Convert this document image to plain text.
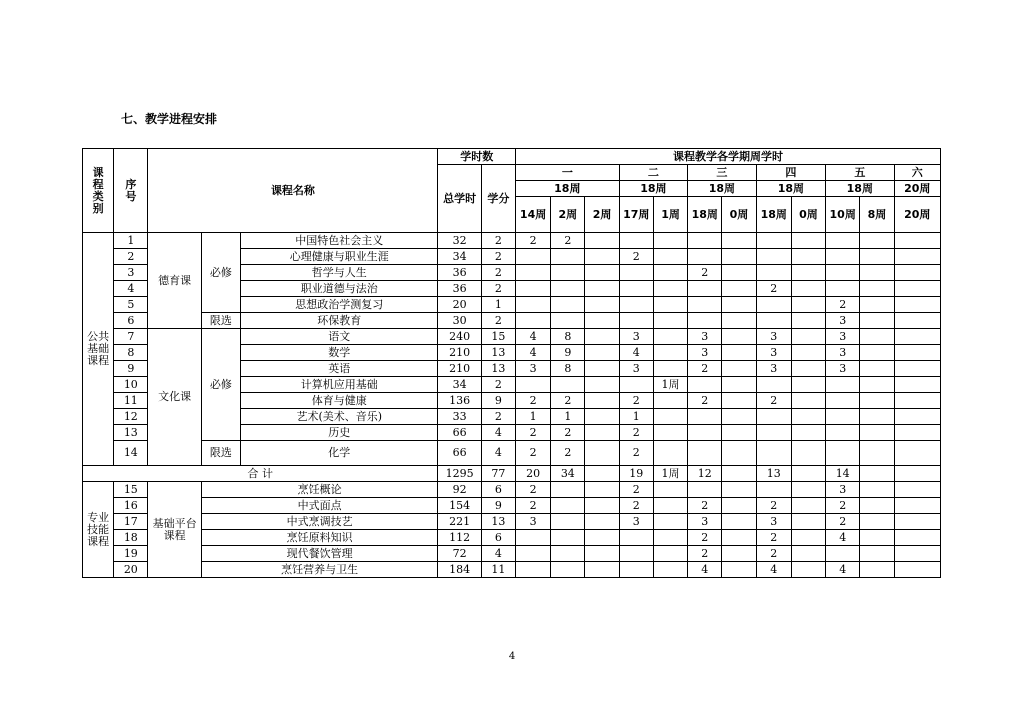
七、教学进程安排
课程类别	序号	课程名称			学时数		课程教学各学期周学时											
					总学时	学分	一			二		三		四		五		六
							18周			18周		18周		18周		18周		20周
							14周	2周	2周	17周	1周	18周	0周	18周	0周	10周	8周	20周
公共基础课程	1	德育课	必修	中国特色社会主义	32	2	2	2										
	2			心理健康与职业生涯	34	2				2								
	3			哲学与人生	36	2						2						
	4			职业道德与法治	36	2								2				
	5			思想政治学测复习	20	1										2		
	6		限选	环保教育	30	2										3		
	7	文化课	必修	语文	240	15	4	8		3		3		3		3		
	8			数学	210	13	4	9		4		3		3		3		
	9			英语	210	13	3	8		3		2		3		3		
	10			计算机应用基础	34	2					1周							
	11			体育与健康	136	9	2	2		2		2		2				
	12			艺术(美术、音乐)	33	2	1	1		1								
	13			历史	66	4	2	2		2								
	14		限选	化学	66	4	2	2		2								
合 计					1295	77	20	34		19	1周	12		13		14		
专业技能课程	15	基础平台课程	烹饪概论		92	6	2			2						3		
	16		中式面点		154	9	2			2		2		2		2		
	17		中式烹调技艺		221	13	3			3		3		3		2		
	18		烹饪原料知识		112	6						2		2		4		
	19		现代餐饮管理		72	4						2		2				
	20		烹饪营养与卫生		184	11						4		4		4		
4
